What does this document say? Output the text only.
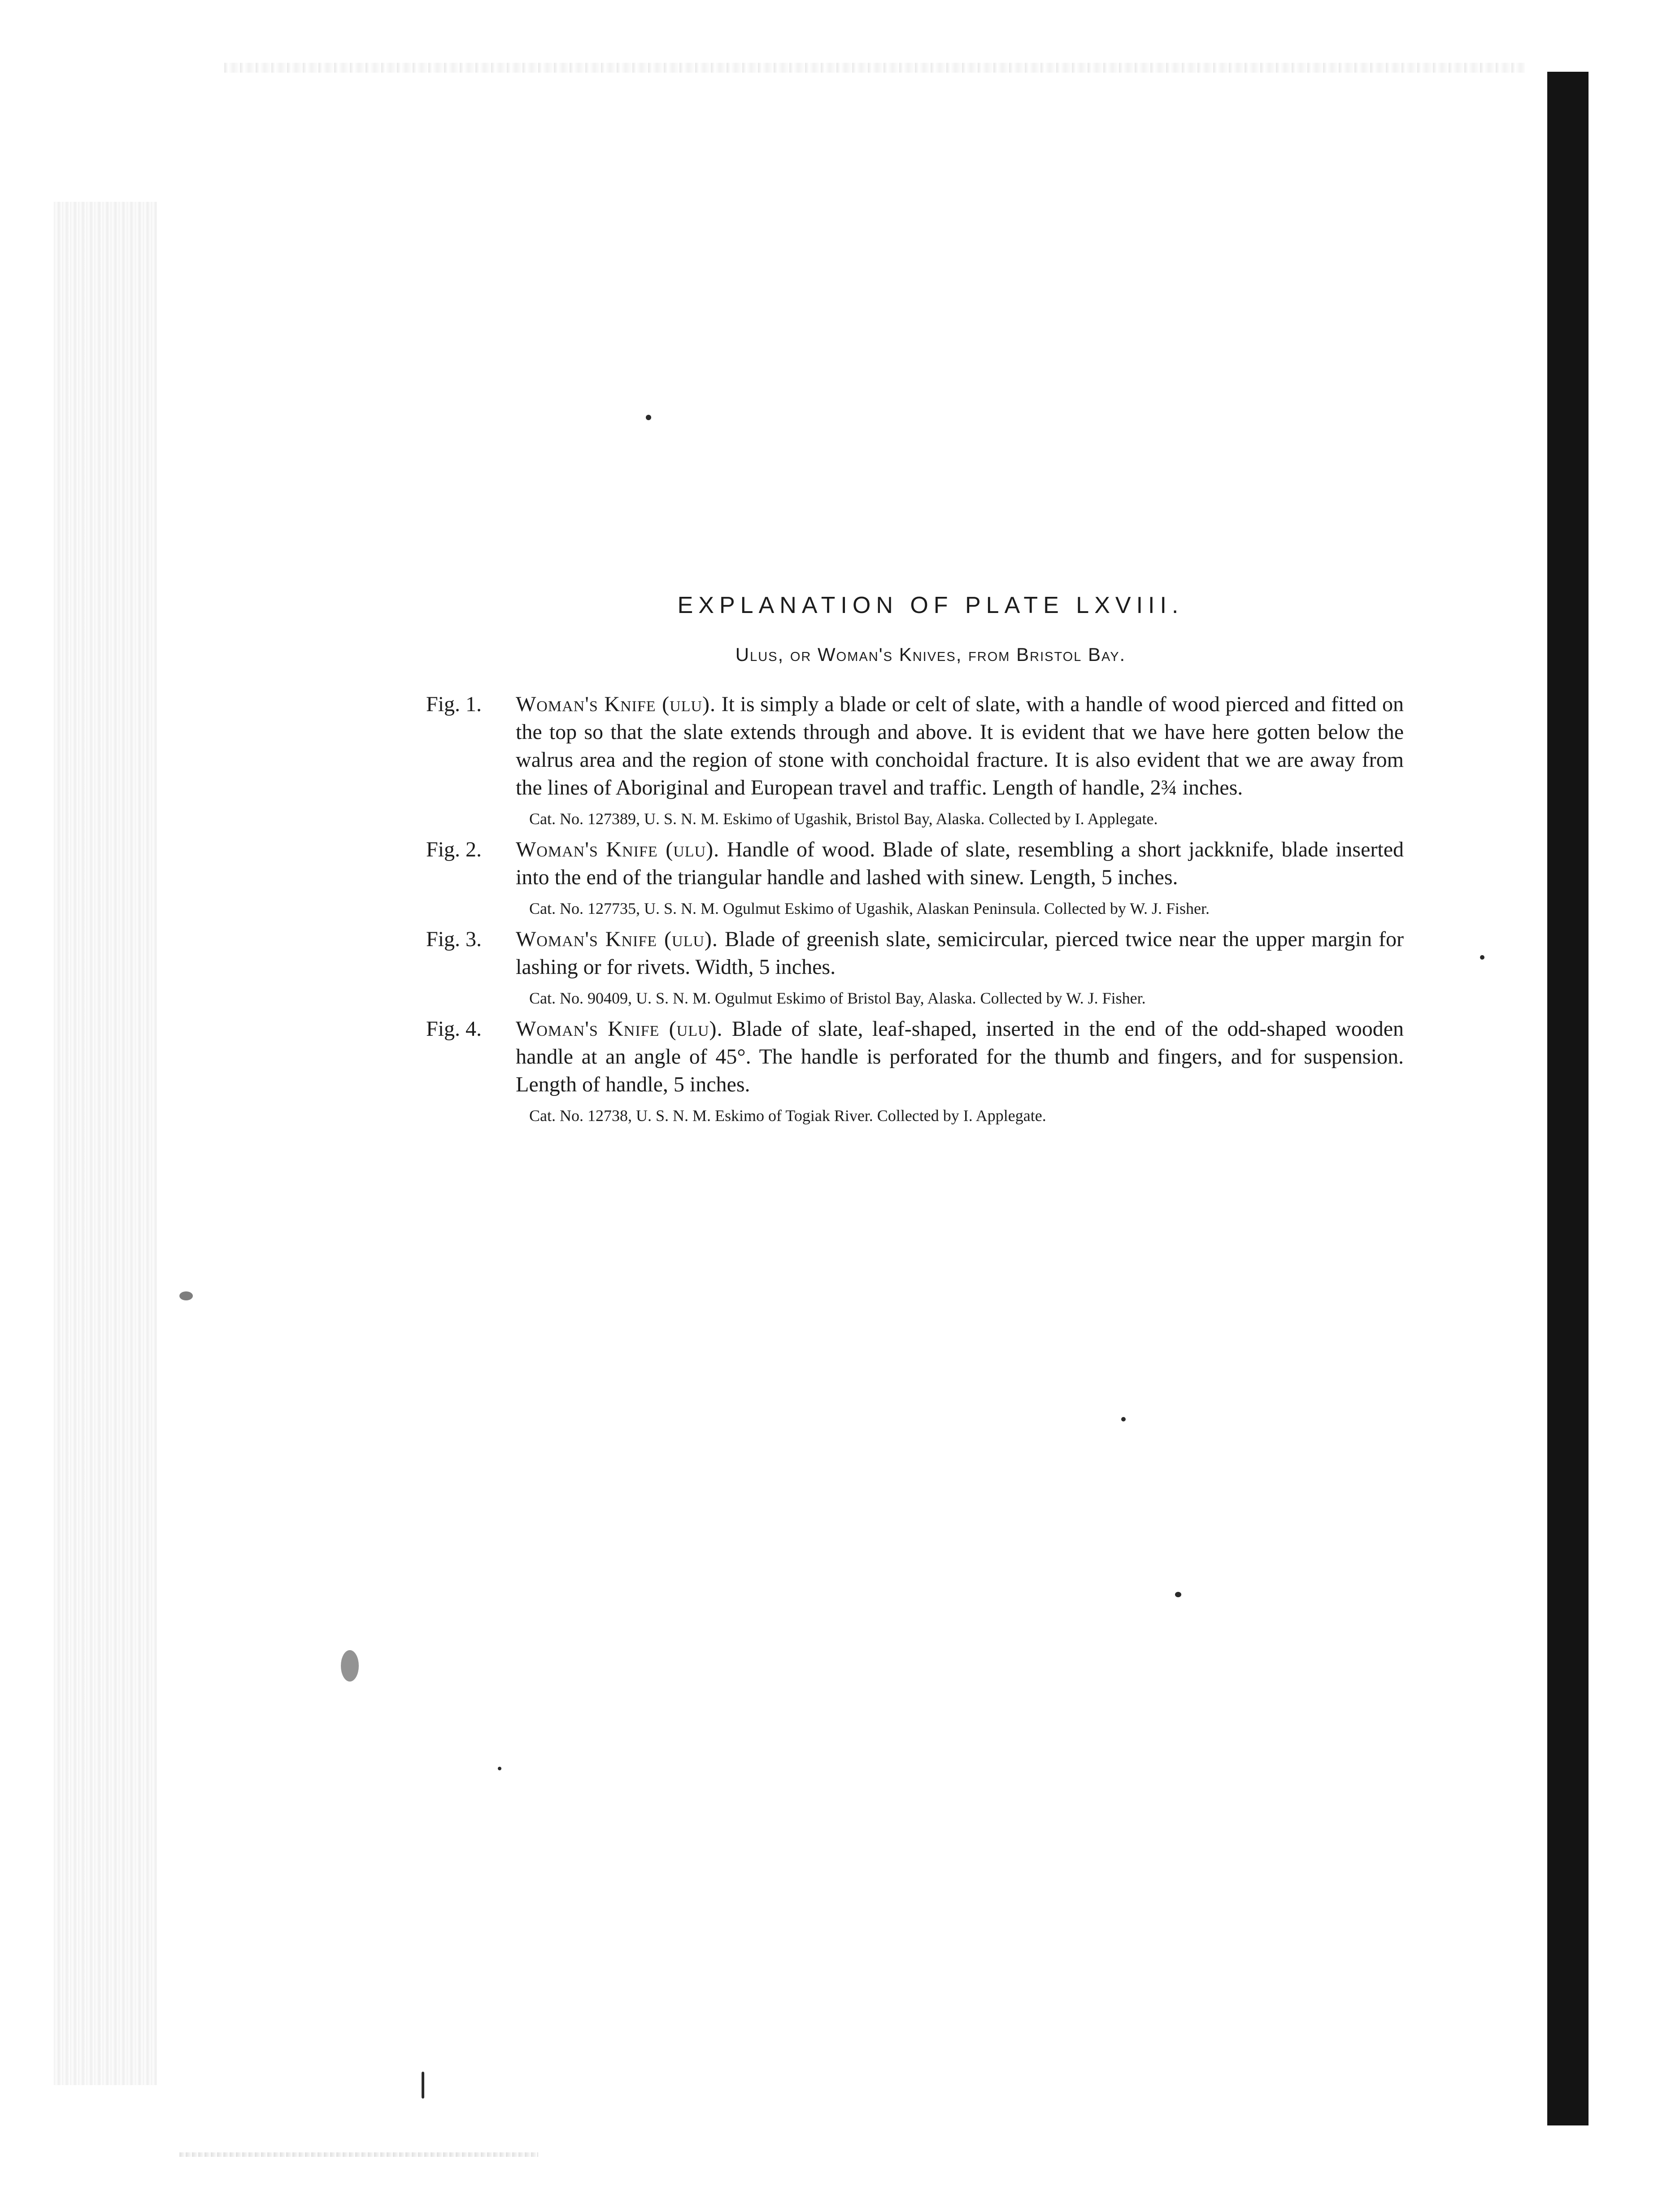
EXPLANATION OF PLATE LXVIII.
Ulus, or Woman's Knives, from Bristol Bay.
Fig. 1. Woman's Knife (ulu). It is simply a blade or celt of slate, with a handle of wood pierced and fitted on the top so that the slate extends through and above. It is evident that we have here gotten below the walrus area and the region of stone with conchoidal fracture. It is also evident that we are away from the lines of Aboriginal and European travel and traffic. Length of handle, 2¾ inches.
Cat. No. 127389, U. S. N. M. Eskimo of Ugashik, Bristol Bay, Alaska. Collected by I. Applegate.
Fig. 2. Woman's Knife (ulu). Handle of wood. Blade of slate, resembling a short jackknife, blade inserted into the end of the triangular handle and lashed with sinew. Length, 5 inches.
Cat. No. 127735, U. S. N. M. Ogulmut Eskimo of Ugashik, Alaskan Peninsula. Collected by W. J. Fisher.
Fig. 3. Woman's Knife (ulu). Blade of greenish slate, semicircular, pierced twice near the upper margin for lashing or for rivets. Width, 5 inches.
Cat. No. 90409, U. S. N. M. Ogulmut Eskimo of Bristol Bay, Alaska. Collected by W. J. Fisher.
Fig. 4. Woman's Knife (ulu). Blade of slate, leaf-shaped, inserted in the end of the odd-shaped wooden handle at an angle of 45°. The handle is perforated for the thumb and fingers, and for suspension. Length of handle, 5 inches.
Cat. No. 12738, U. S. N. M. Eskimo of Togiak River. Collected by I. Applegate.
